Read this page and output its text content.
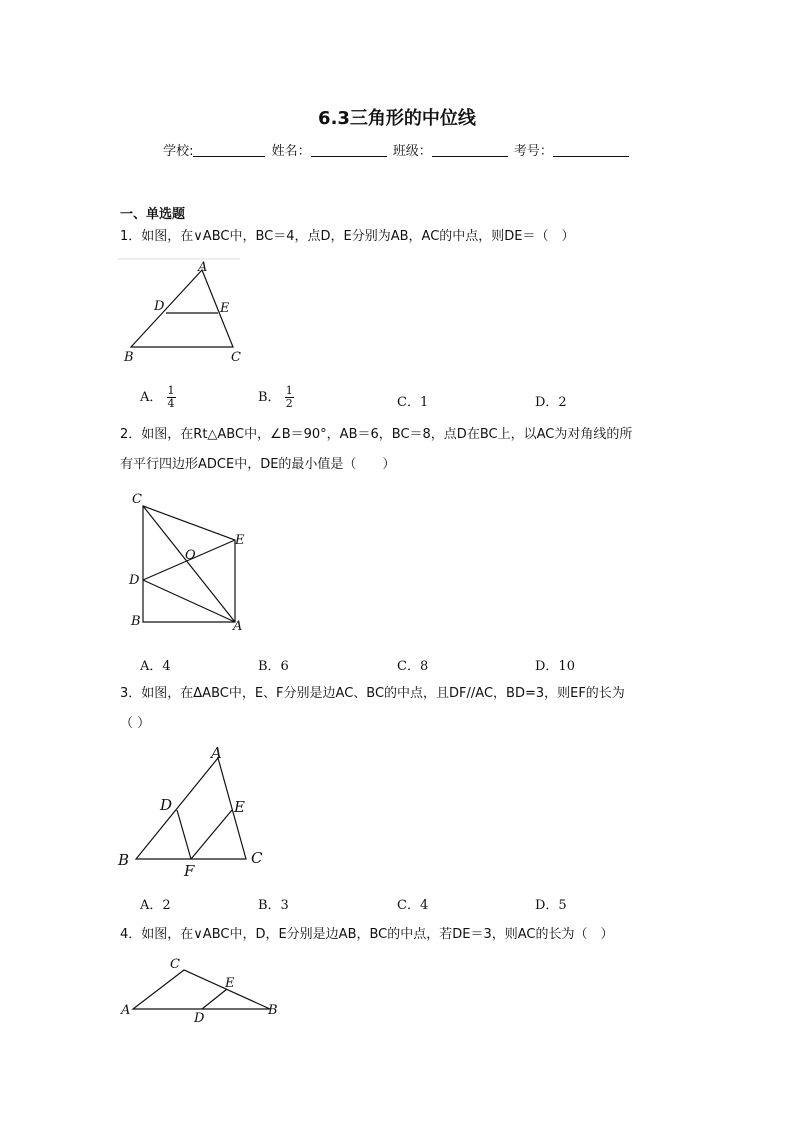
6.3三角形的中位线
学校:	姓名：	班级：	考号：
一、单选题
1．如图，在∨ABC中，BC＝4，点D，E分别为AB，AC的中点，则DE＝（　）
A
D	E
B	C
A． $\frac{1}{4}$	B． $\frac{1}{2}$	C．1	D．2
2．如图，在Rt△ABC中，∠B＝90°，AB＝6，BC＝8，点D在BC上，以AC为对角线的所
有平行四边形ADCE中，DE的最小值是（　　）
C
E
O
D
B	A
A．4	B．6	C．8	D．10
3．如图，在ΔABC中，E、F分别是边AC、BC的中点，且DF//AC，BD=3，则EF的长为
（ ）
A
D	E
B	C
F
A．2	B．3	C．4	D．5
4．如图，在∨ABC中，D，E分别是边AB，BC的中点，若DE＝3，则AC的长为（　）
C
E
A
D
B
